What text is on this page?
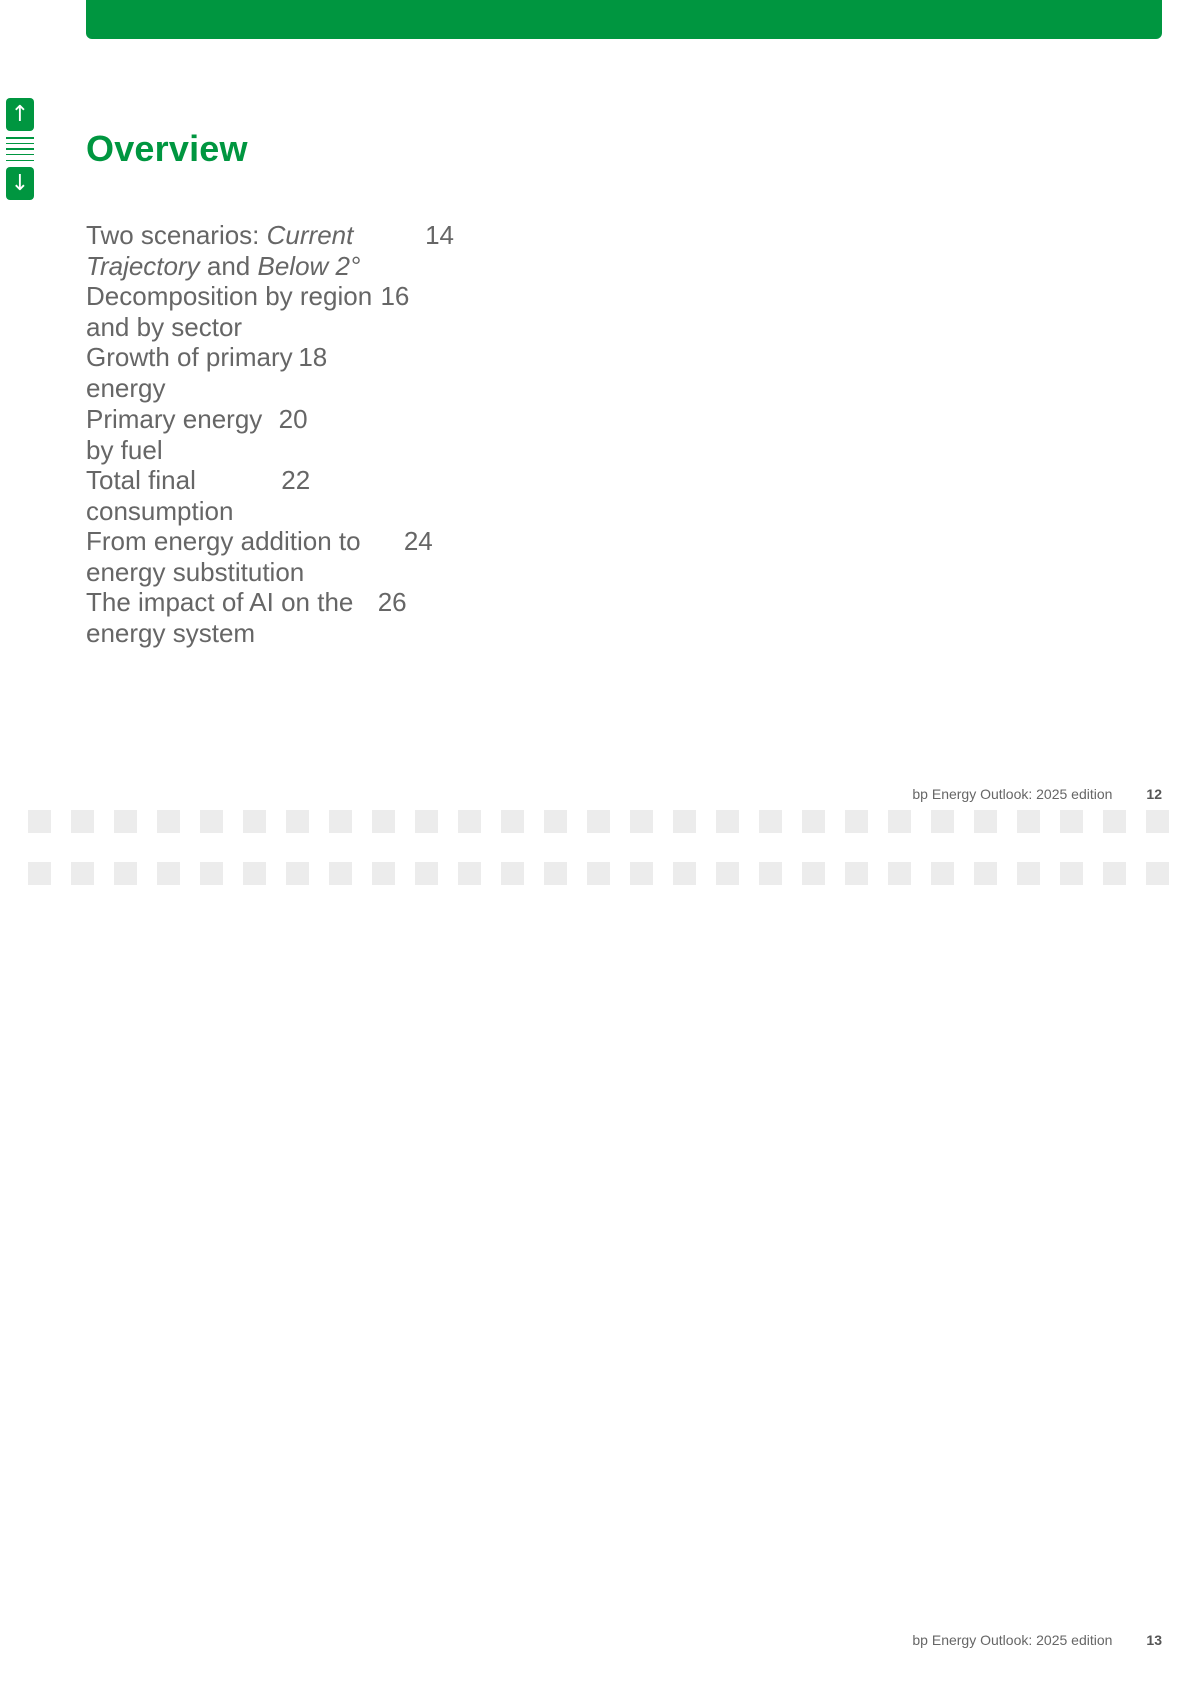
↑
↓
Overview
Two scenarios: Current Trajectory and Below 2°
14
Decomposition by region and by sector
16
Growth of primary energy
18
Primary energy by fuel
20
Total final consumption
22
From energy addition to energy substitution
24
The impact of AI on the energy system
26
bp Energy Outlook: 2025 edition 12
bp Energy Outlook: 2025 edition 13
